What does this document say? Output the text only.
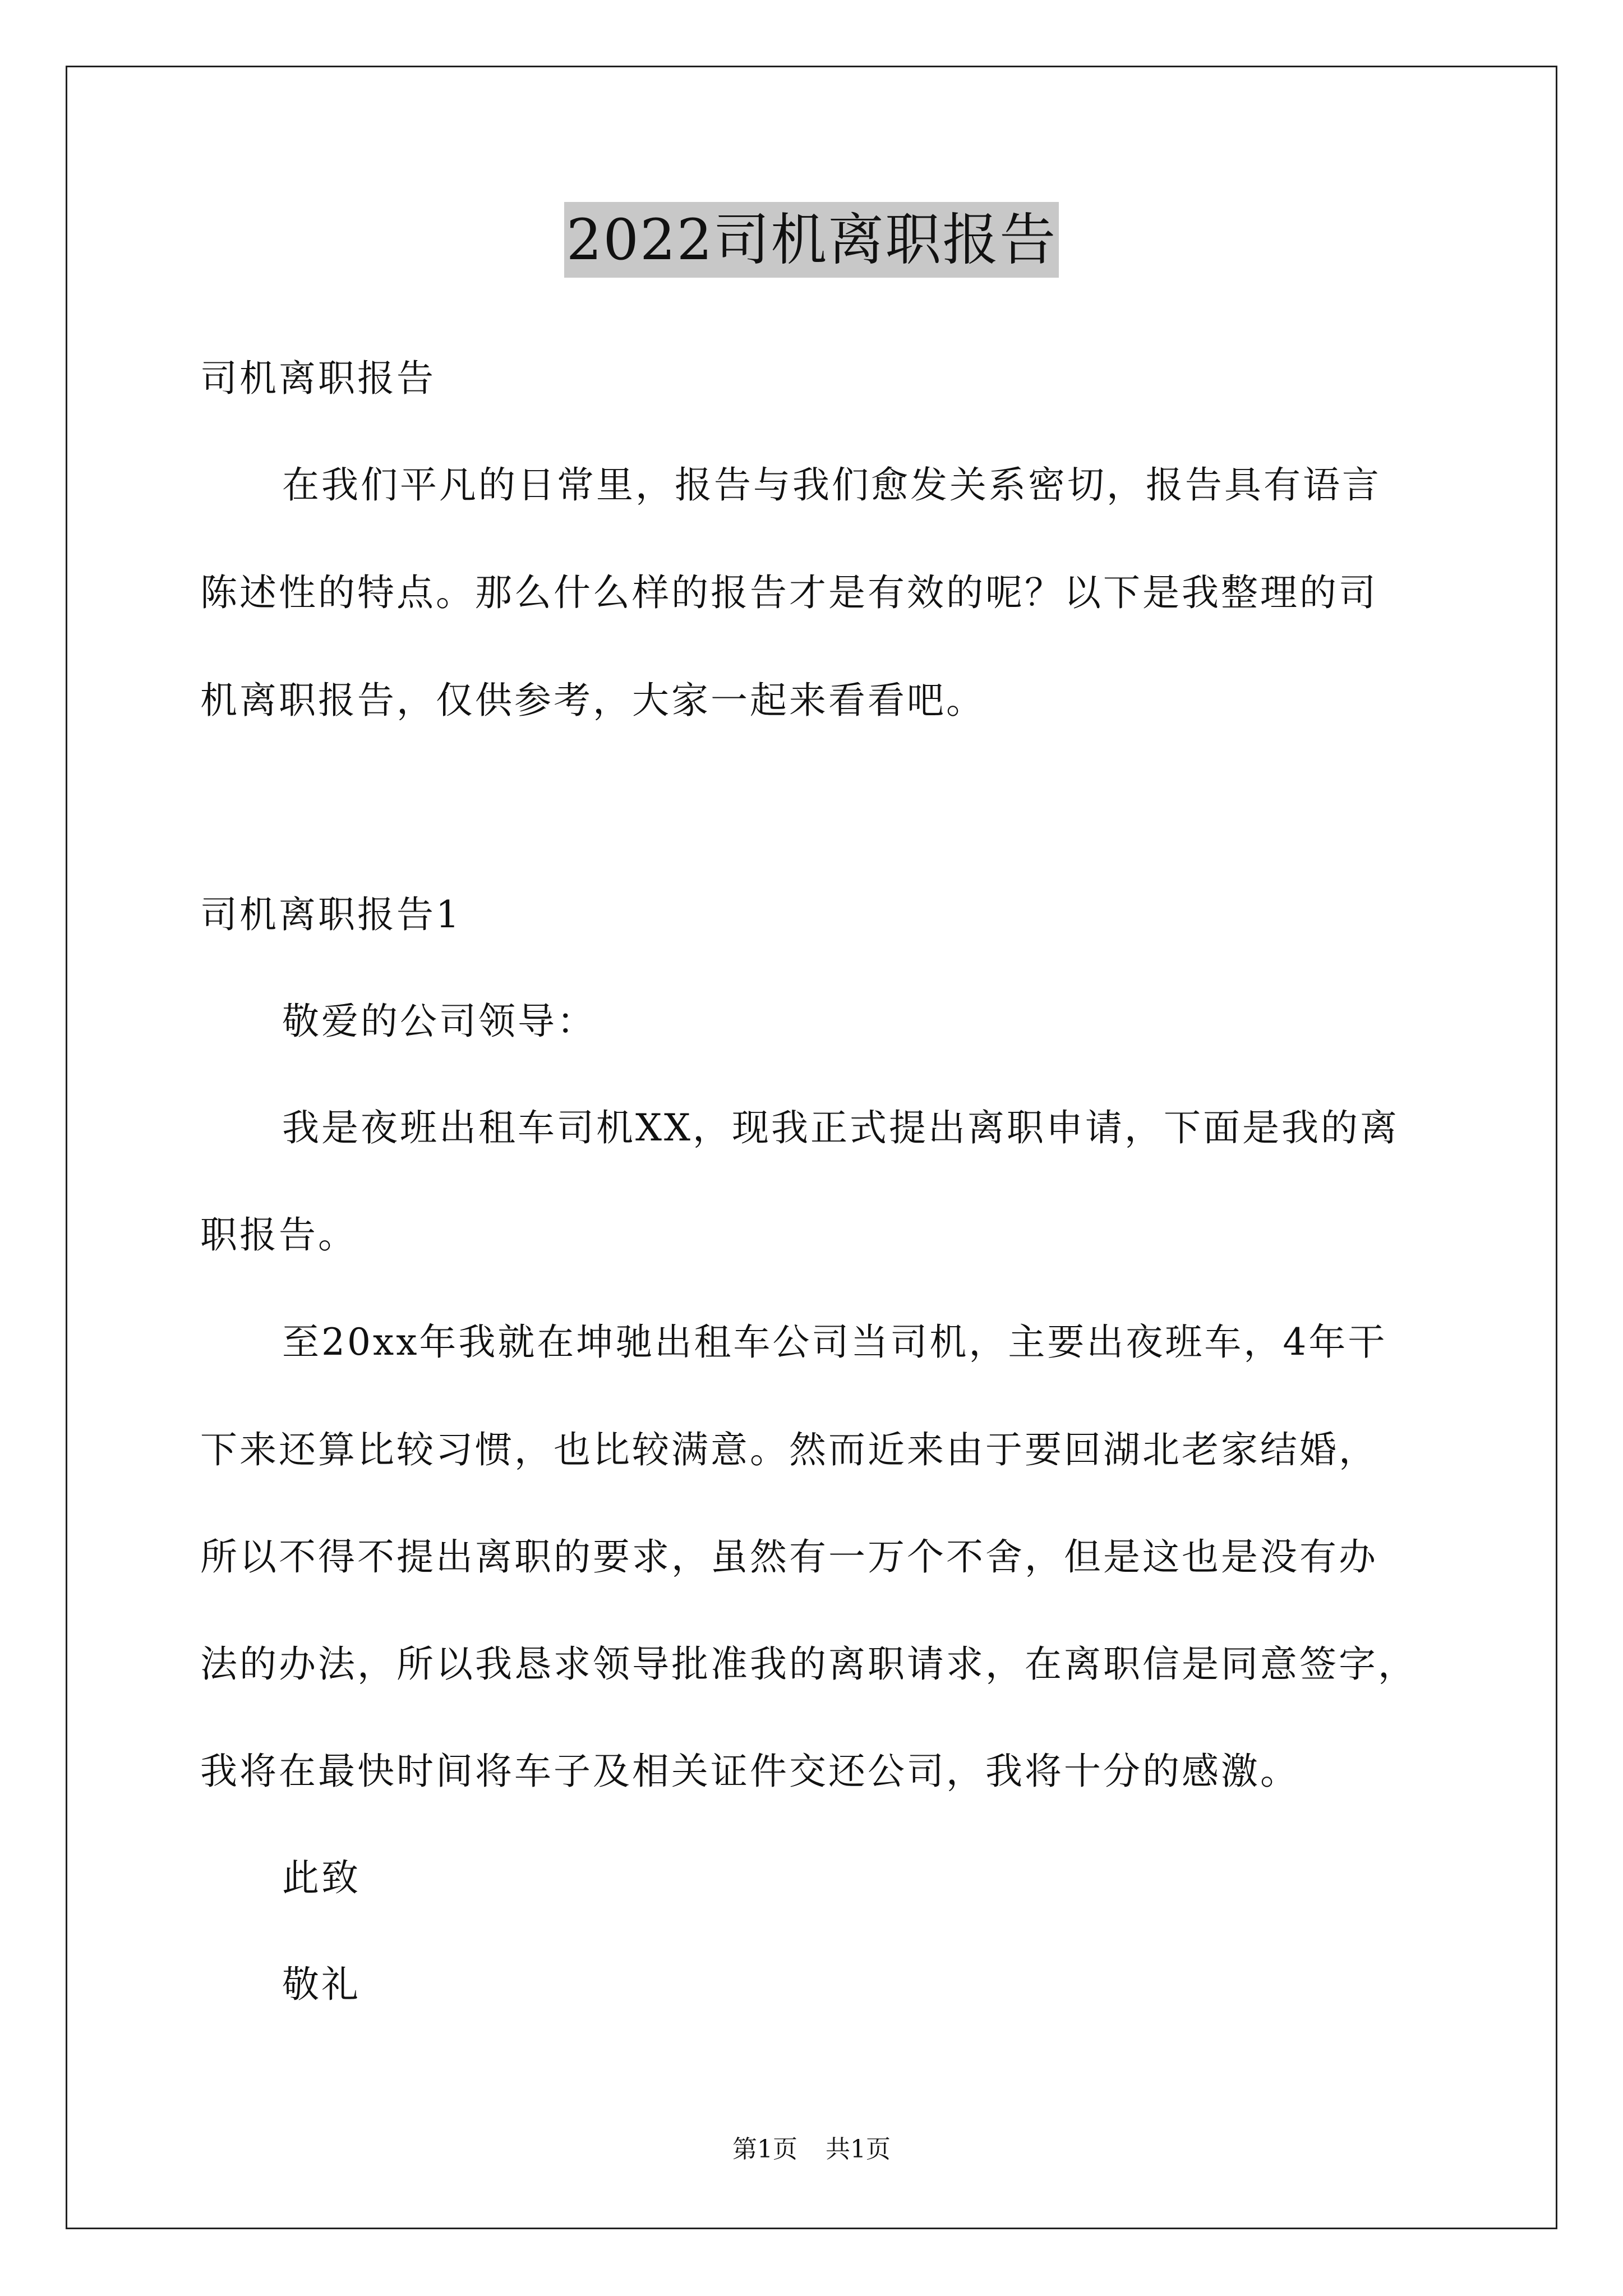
2022司机离职报告
司机离职报告
在我们平凡的日常里，报告与我们愈发关系密切，报告具有语言
陈述性的特点。那么什么样的报告才是有效的呢？以下是我整理的司
机离职报告，仅供参考，大家一起来看看吧。
司机离职报告1
敬爱的公司领导：
我是夜班出租车司机XX，现我正式提出离职申请，下面是我的离
职报告。
至20xx年我就在坤驰出租车公司当司机，主要出夜班车，4年干
下来还算比较习惯，也比较满意。然而近来由于要回湖北老家结婚，
所以不得不提出离职的要求，虽然有一万个不舍，但是这也是没有办
法的办法，所以我恳求领导批准我的离职请求，在离职信是同意签字，
我将在最快时间将车子及相关证件交还公司，我将十分的感激。
此致
敬礼
第1页 共1页
